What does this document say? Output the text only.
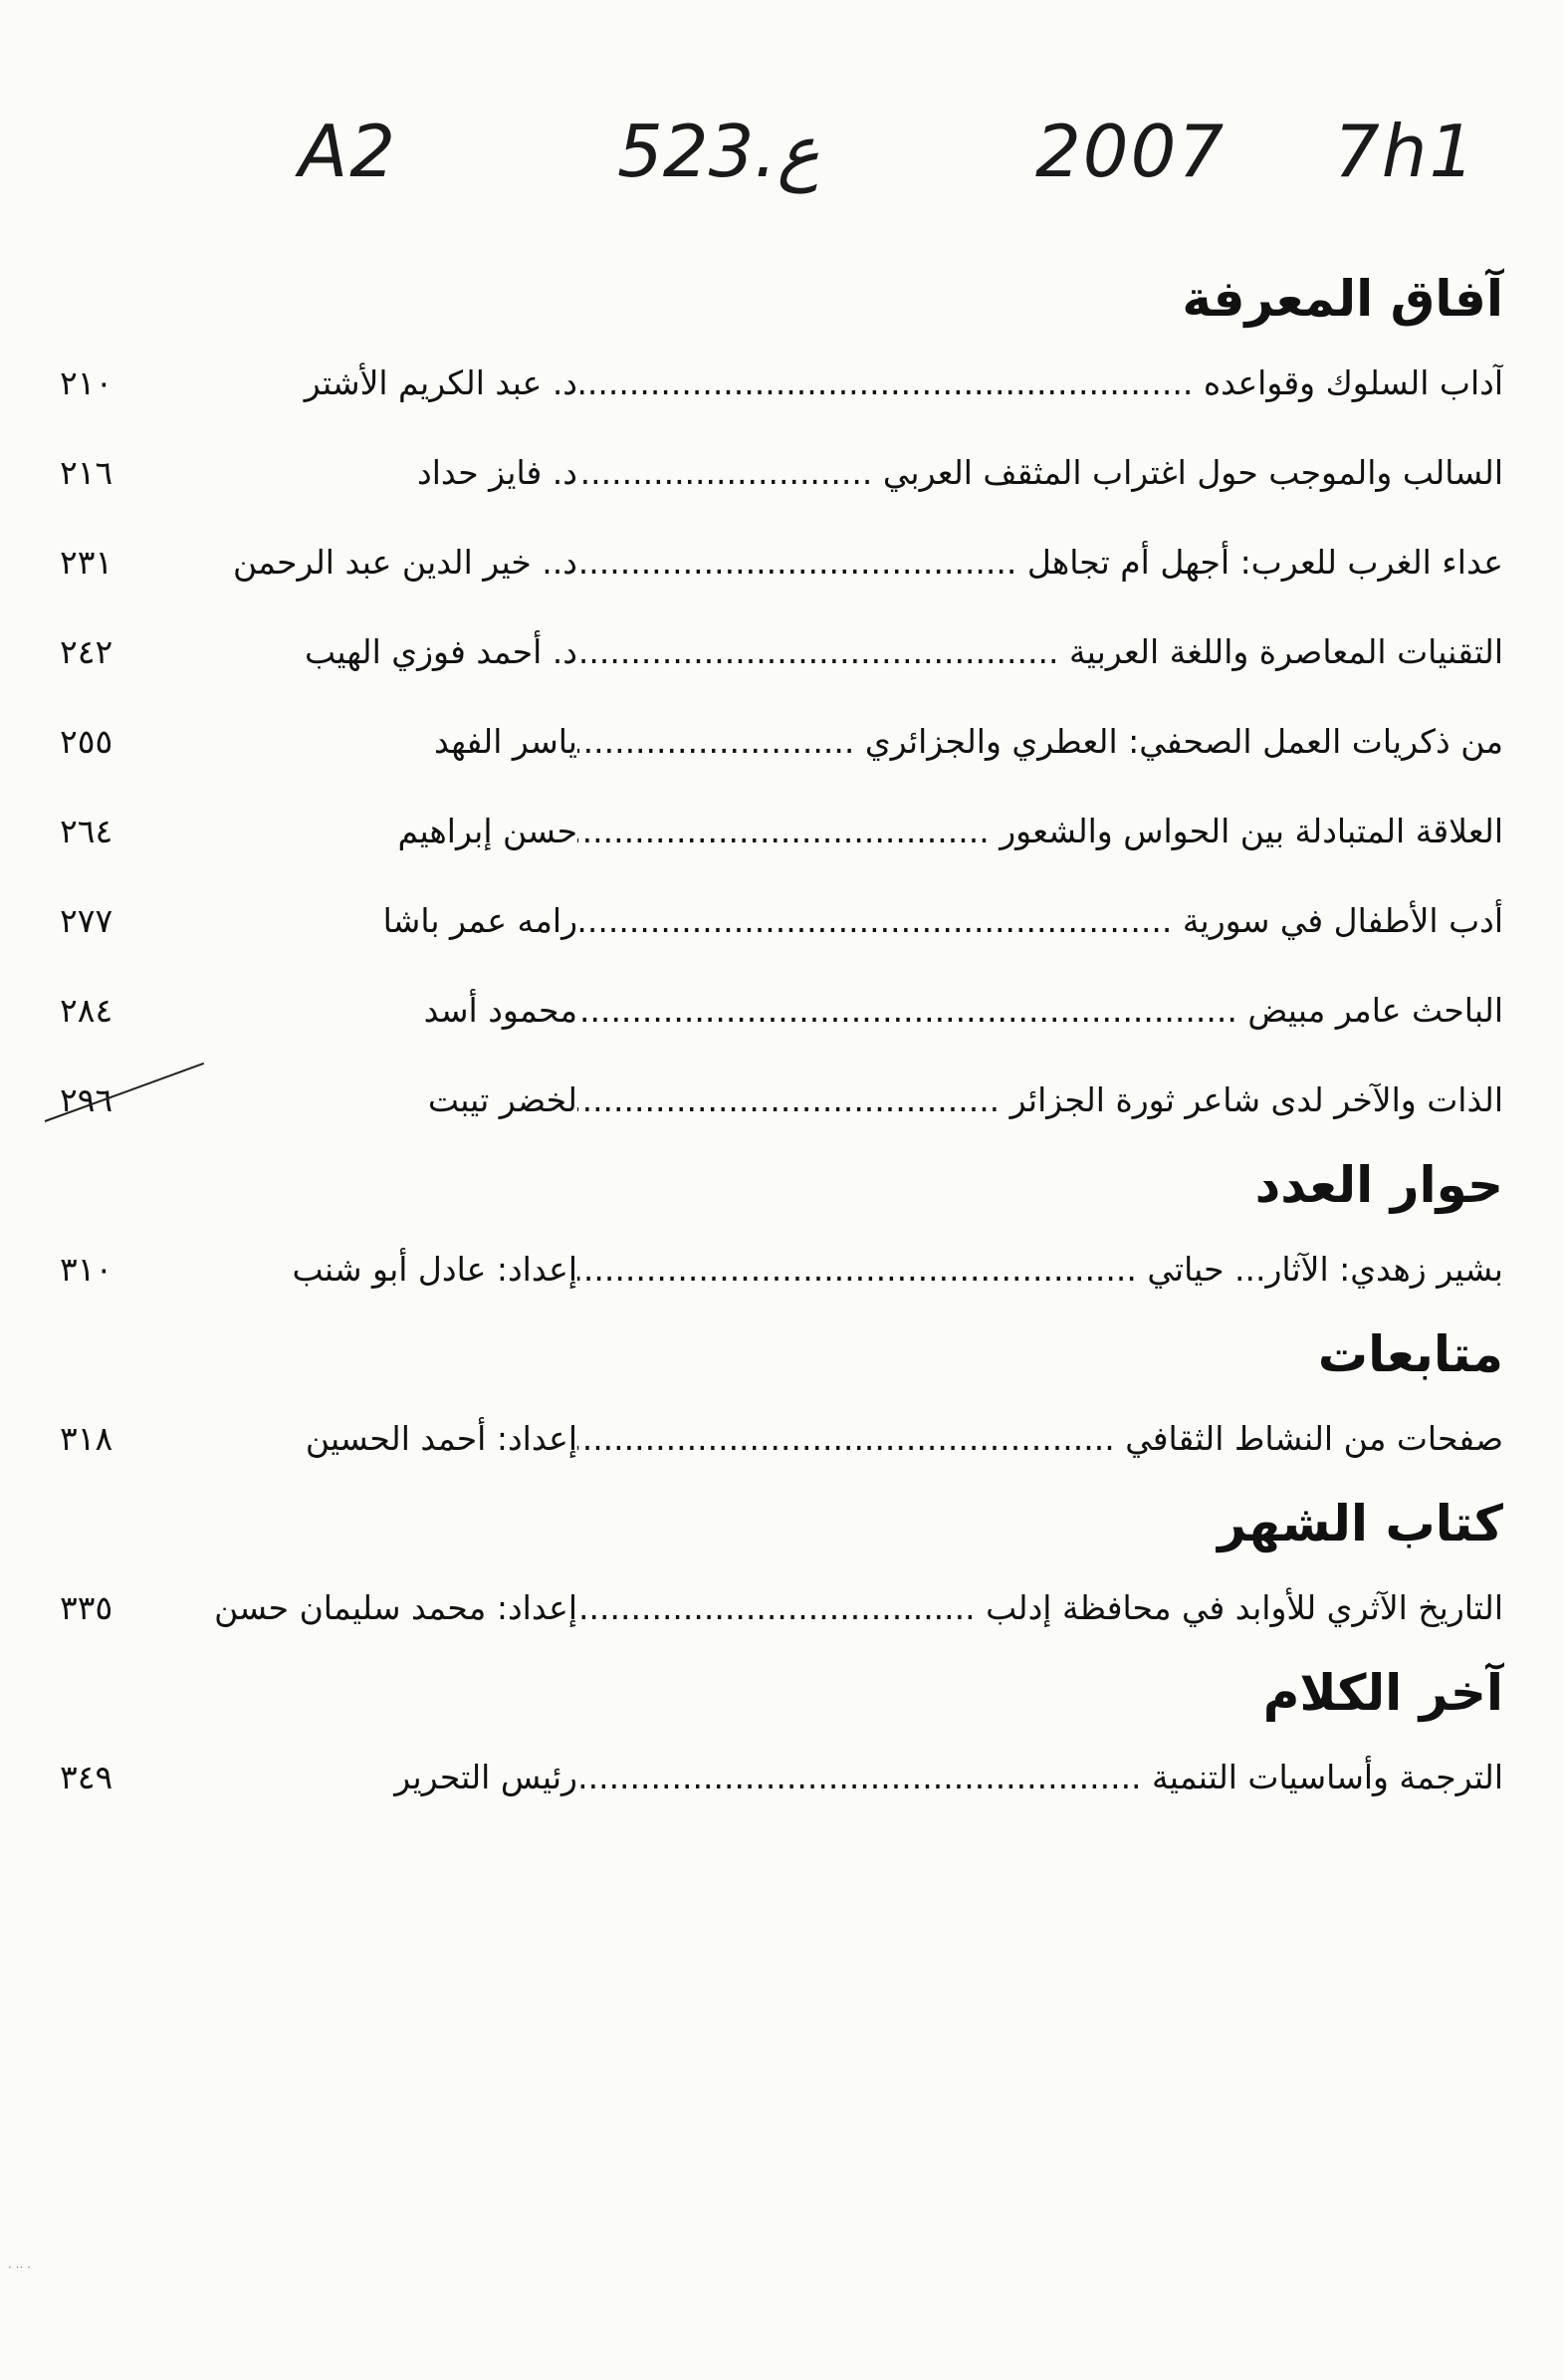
A2	523.ع	2007 7h1
آفاق المعرفة
آداب السلوك وقواعده .....
د. عبد الكريم الأشتر
٢١٠
السالب والموجب حول اغتراب المثقف العربي .....
د. فايز حداد
٢١٦
عداء الغرب للعرب: أجهل أم تجاهل .....
د.. خير الدين عبد الرحمن
٢٣١
التقنيات المعاصرة واللغة العربية .....
د. أحمد فوزي الهيب
٢٤٢
من ذكريات العمل الصحفي: العطري والجزائري .....
ياسر الفهد
٢٥٥
العلاقة المتبادلة بين الحواس والشعور .....
حسن إبراهيم
٢٦٤
أدب الأطفال في سورية .....
رامه عمر باشا
٢٧٧
الباحث عامر مبيض .....
محمود أسد
٢٨٤
الذات والآخر لدى شاعر ثورة الجزائر .....
لخضر تيبت
٢٩٦
حوار العدد
بشير زهدي: الآثار... حياتي .....
إعداد: عادل أبو شنب
٣١٠
متابعات
صفحات من النشاط الثقافي .....
إعداد: أحمد الحسين
٣١٨
كتاب الشهر
التاريخ الآثري للأوابد في محافظة إدلب .....
إعداد: محمد سليمان حسن
٣٣٥
آخر الكلام
الترجمة وأساسيات التنمية .....
رئيس التحرير
٣٤٩
· ·· ·
